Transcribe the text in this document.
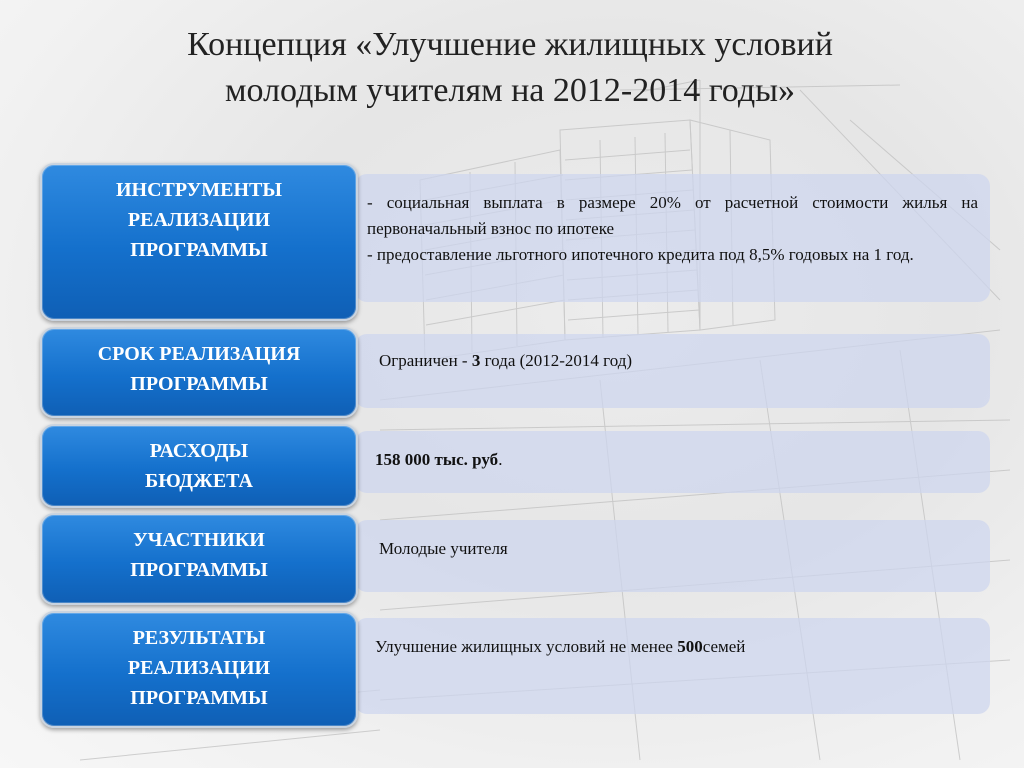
Концепция «Улучшение жилищных условий
молодым учителям на 2012-2014 годы»
- социальная выплата в размере 20% от расчетной стоимости жилья на первоначальный взнос по ипотеке
- предоставление льготного ипотечного кредита под 8,5% годовых на 1 год.
ИНСТРУМЕНТЫ
РЕАЛИЗАЦИИ
ПРОГРАММЫ
Ограничен - 3 года (2012-2014 год)
СРОК РЕАЛИЗАЦИЯ
ПРОГРАММЫ
158 000 тыс. руб.
РАСХОДЫ
БЮДЖЕТА
Молодые учителя
УЧАСТНИКИ
ПРОГРАММЫ
Улучшение жилищных условий не менее 500семей
РЕЗУЛЬТАТЫ
РЕАЛИЗАЦИИ
ПРОГРАММЫ
